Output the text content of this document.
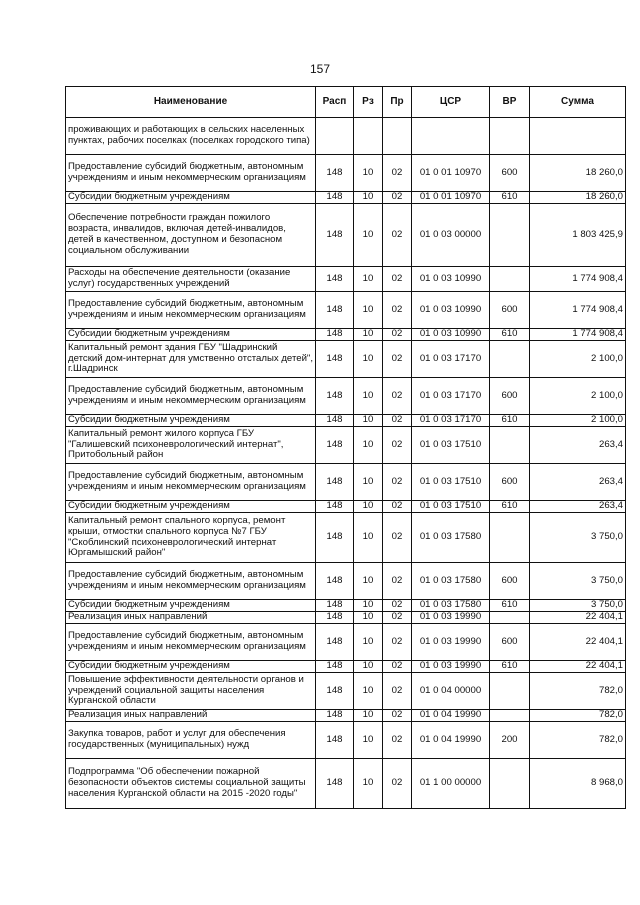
157
Наименование	Расп	Рз	Пр	ЦСР	ВР	Сумма
проживающих и работающих в сельских населенных пунктах, рабочих поселках (поселках городского типа)						
Предоставление субсидий бюджетным, автономным учреждениям и иным некоммерческим организациям	148	10	02	01 0 01 10970	600	18 260,0
Субсидии бюджетным учреждениям	148	10	02	01 0 01 10970	610	18 260,0
Обеспечение потребности граждан пожилого возраста, инвалидов, включая детей-инвалидов, детей в качественном, доступном и безопасном социальном обслуживании	148	10	02	01 0 03 00000		1 803 425,9
Расходы на обеспечение деятельности (оказание услуг) государственных учреждений	148	10	02	01 0 03 10990		1 774 908,4
Предоставление субсидий бюджетным, автономным учреждениям и иным некоммерческим организациям	148	10	02	01 0 03 10990	600	1 774 908,4
Субсидии бюджетным учреждениям	148	10	02	01 0 03 10990	610	1 774 908,4
Капитальный ремонт здания ГБУ "Шадринский детский дом-интернат для умственно отсталых детей", г.Шадринск	148	10	02	01 0 03 17170		2 100,0
Предоставление субсидий бюджетным, автономным учреждениям и иным некоммерческим организациям	148	10	02	01 0 03 17170	600	2 100,0
Субсидии бюджетным учреждениям	148	10	02	01 0 03 17170	610	2 100,0
Капитальный ремонт жилого корпуса ГБУ "Галишевский психоневрологический интернат", Притобольный район	148	10	02	01 0 03 17510		263,4
Предоставление субсидий бюджетным, автономным учреждениям и иным некоммерческим организациям	148	10	02	01 0 03 17510	600	263,4
Субсидии бюджетным учреждениям	148	10	02	01 0 03 17510	610	263,4
Капитальный ремонт спального корпуса, ремонт крыши, отмостки спального корпуса №7 ГБУ "Скоблинский психоневрологический интернат Юргамышский район"	148	10	02	01 0 03 17580		3 750,0
Предоставление субсидий бюджетным, автономным учреждениям и иным некоммерческим организациям	148	10	02	01 0 03 17580	600	3 750,0
Субсидии бюджетным учреждениям	148	10	02	01 0 03 17580	610	3 750,0
Реализация иных направлений	148	10	02	01 0 03 19990		22 404,1
Предоставление субсидий бюджетным, автономным учреждениям и иным некоммерческим организациям	148	10	02	01 0 03 19990	600	22 404,1
Субсидии бюджетным учреждениям	148	10	02	01 0 03 19990	610	22 404,1
Повышение эффективности деятельности органов и учреждений социальной защиты населения Курганской области	148	10	02	01 0 04 00000		782,0
Реализация иных направлений	148	10	02	01 0 04 19990		782,0
Закупка товаров, работ и услуг для обеспечения государственных (муниципальных) нужд	148	10	02	01 0 04 19990	200	782,0
Подпрограмма "Об обеспечении пожарной безопасности объектов системы социальной защиты населения Курганской области на 2015 -2020 годы"	148	10	02	01 1 00 00000		8 968,0
